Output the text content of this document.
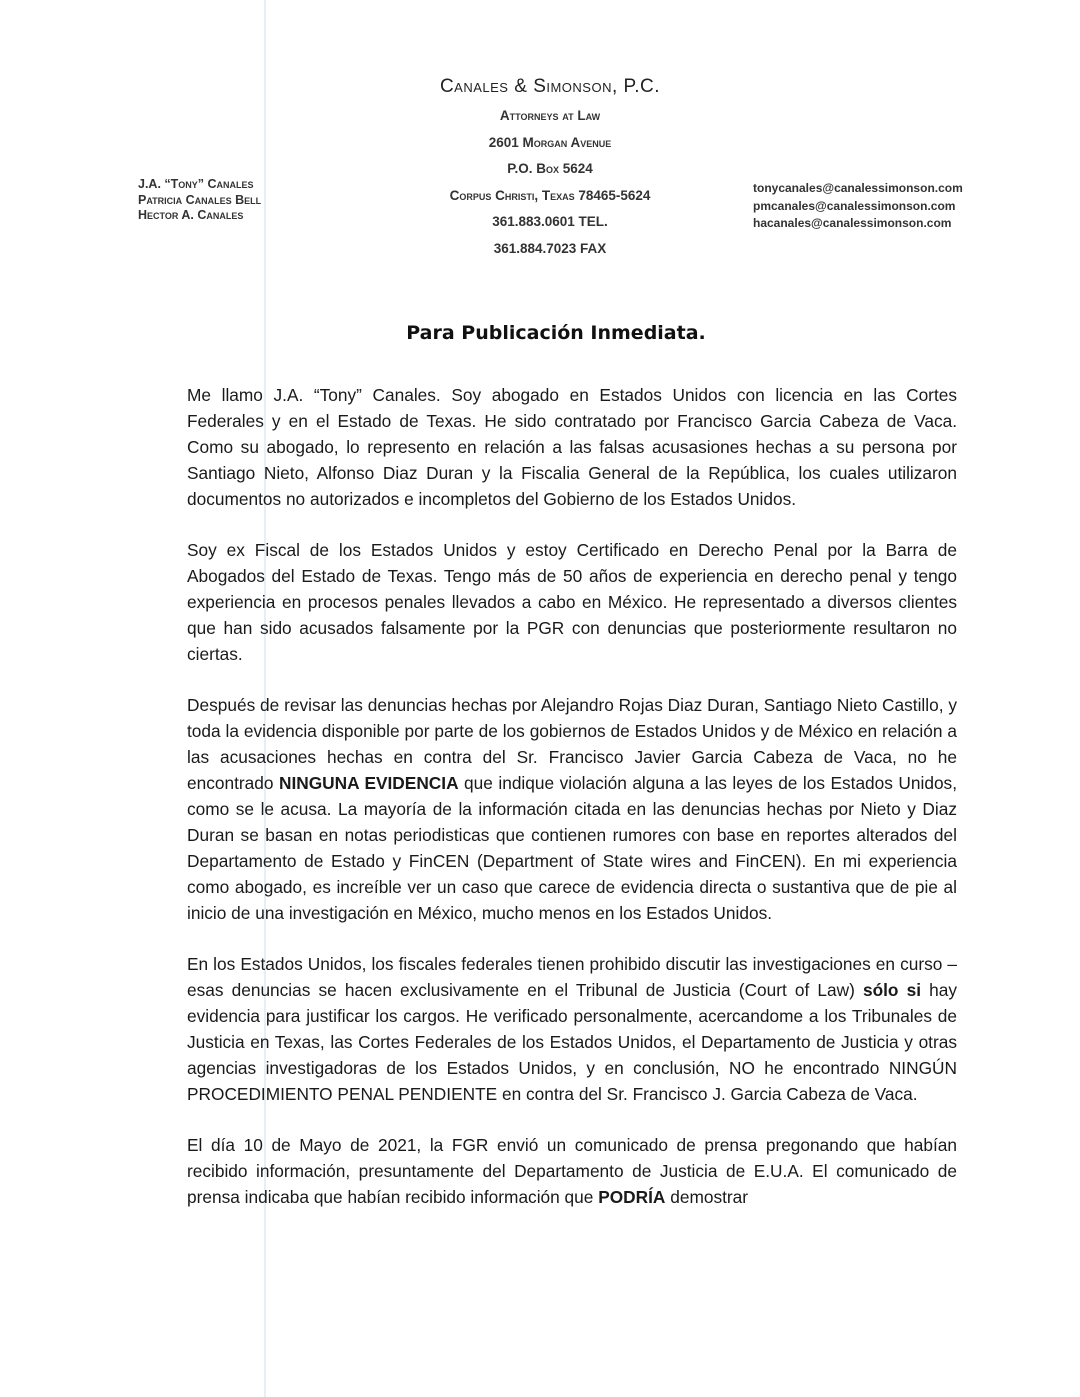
Canales & Simonson, P.C.
Attorneys at Law
2601 Morgan Avenue
P.O. Box 5624
Corpus Christi, Texas 78465-5624
361.883.0601 TEL.
361.884.7023 FAX
J.A. “Tony” Canales
Patricia Canales Bell
Hector A. Canales
tonycanales@canalessimonson.com
pmcanales@canalessimonson.com
hacanales@canalessimonson.com
Para Publicación Inmediata.

Me llamo J.A. “Tony” Canales. Soy abogado en Estados Unidos con licencia en las Cortes Federales y en el Estado de Texas. He sido contratado por Francisco Garcia Cabeza de Vaca. Como su abogado, lo represento en relación a las falsas acusasiones hechas a su persona por Santiago Nieto, Alfonso Diaz Duran y la Fiscalia General de la República, los cuales utilizaron documentos no autorizados e incompletos del Gobierno de los Estados Unidos.

Soy ex Fiscal de los Estados Unidos y estoy Certificado en Derecho Penal por la Barra de Abogados del Estado de Texas. Tengo más de 50 años de experiencia en derecho penal y tengo experiencia en procesos penales llevados a cabo en México. He representado a diversos clientes que han sido acusados falsamente por la PGR con denuncias que posteriormente resultaron no ciertas.

Después de revisar las denuncias hechas por Alejandro Rojas Diaz Duran, Santiago Nieto Castillo, y toda la evidencia disponible por parte de los gobiernos de Estados Unidos y de México en relación a las acusaciones hechas en contra del Sr. Francisco Javier Garcia Cabeza de Vaca, no he encontrado NINGUNA EVIDENCIA que indique violación alguna a las leyes de los Estados Unidos, como se le acusa. La mayoría de la información citada en las denuncias hechas por Nieto y Diaz Duran se basan en notas periodisticas que contienen rumores con base en reportes alterados del Departamento de Estado y FinCEN (Department of State wires and FinCEN). En mi experiencia como abogado, es increíble ver un caso que carece de evidencia directa o sustantiva que de pie al inicio de una investigación en México, mucho menos en los Estados Unidos.

En los Estados Unidos, los fiscales federales tienen prohibido discutir las investigaciones en curso – esas denuncias se hacen exclusivamente en el Tribunal de Justicia (Court of Law) sólo si hay evidencia para justificar los cargos. He verificado personalmente, acercandome a los Tribunales de Justicia en Texas, las Cortes Federales de los Estados Unidos, el Departamento de Justicia y otras agencias investigadoras de los Estados Unidos, y en conclusión, NO he encontrado NINGÚN PROCEDIMIENTO PENAL PENDIENTE en contra del Sr. Francisco J. Garcia Cabeza de Vaca.

El día 10 de Mayo de 2021, la FGR envió un comunicado de prensa pregonando que habían recibido información, presuntamente del Departamento de Justicia de E.U.A. El comunicado de prensa indicaba que habían recibido información que PODRÍA demostrar
